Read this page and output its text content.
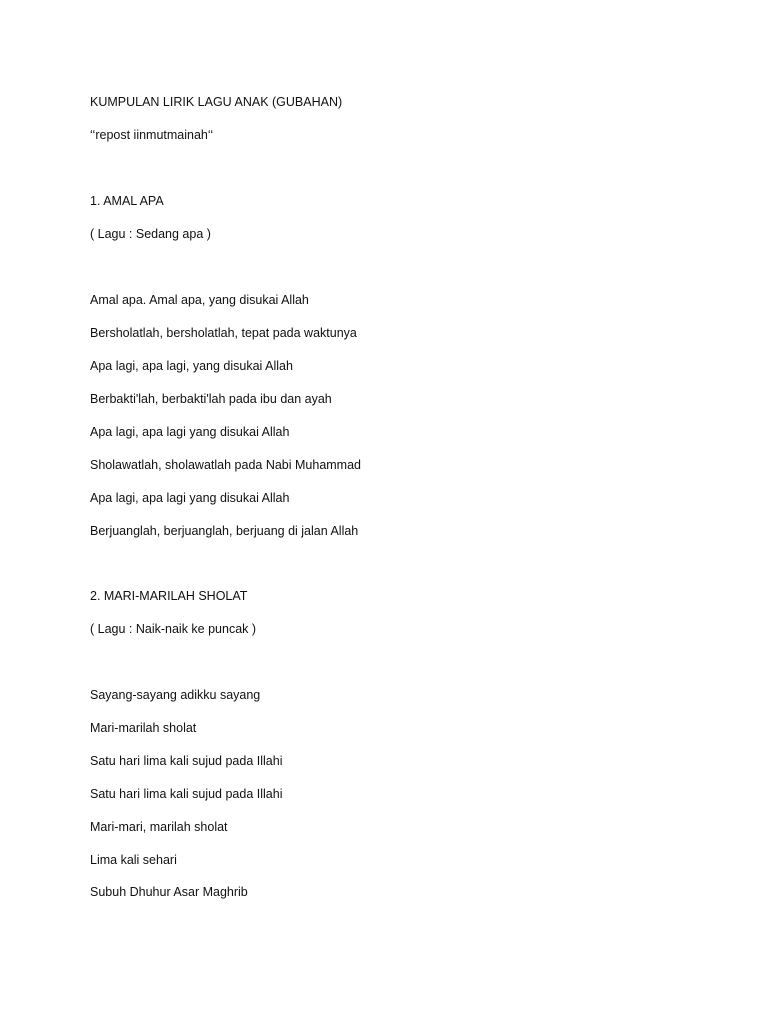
KUMPULAN LIRIK LAGU ANAK (GUBAHAN)
‘‘repost iinmutmainah‘‘
1. AMAL APA
( Lagu : Sedang apa )
Amal apa. Amal apa, yang disukai Allah
Bersholatlah, bersholatlah, tepat pada waktunya
Apa lagi, apa lagi, yang disukai Allah
Berbakti'lah, berbakti'lah pada ibu dan ayah
Apa lagi, apa lagi yang disukai Allah
Sholawatlah, sholawatlah pada Nabi Muhammad
Apa lagi, apa lagi yang disukai Allah
Berjuanglah, berjuanglah, berjuang di jalan Allah
2. MARI-MARILAH SHOLAT
( Lagu : Naik-naik ke puncak )
Sayang-sayang adikku sayang
Mari-marilah sholat
Satu hari lima kali sujud pada Illahi
Satu hari lima kali sujud pada Illahi
Mari-mari, marilah sholat
Lima kali sehari
Subuh Dhuhur Asar Maghrib
